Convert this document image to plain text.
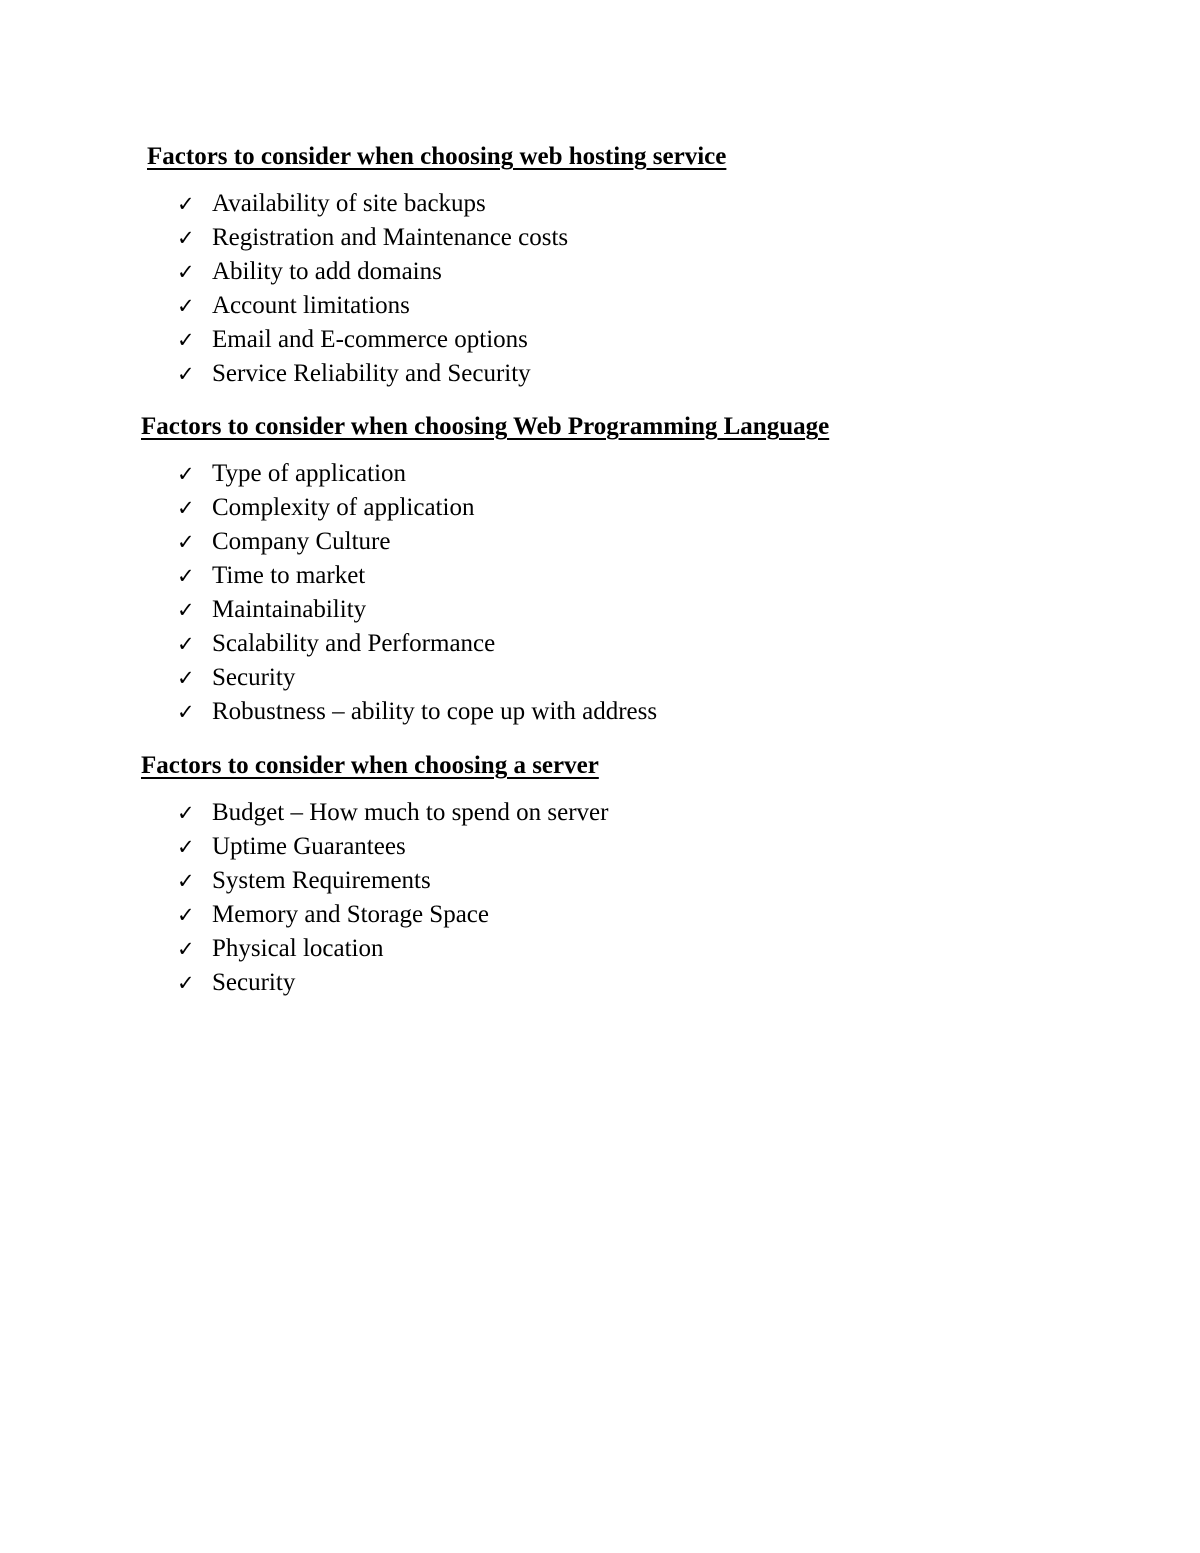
Factors to consider when choosing web hosting service
✓ Availability of site backups
✓ Registration and Maintenance costs
✓ Ability to add domains
✓ Account limitations
✓ Email and E-commerce options
✓ Service Reliability and Security
Factors to consider when choosing Web Programming Language
✓ Type of application
✓ Complexity of application
✓ Company Culture
✓ Time to market
✓ Maintainability
✓ Scalability and Performance
✓ Security
✓ Robustness – ability to cope up with address
Factors to consider when choosing a server
✓ Budget – How much to spend on server
✓ Uptime Guarantees
✓ System Requirements
✓ Memory and Storage Space
✓ Physical location
✓ Security
